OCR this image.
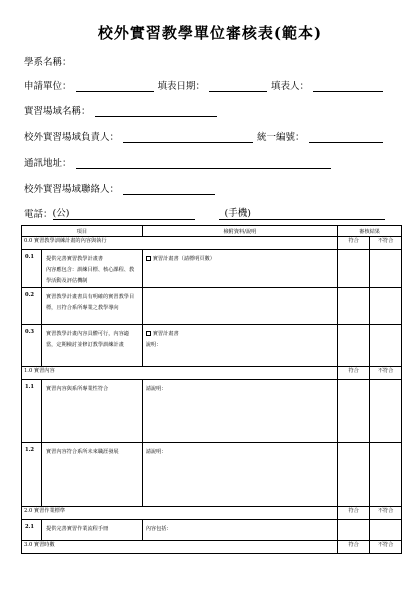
校外實習教學單位審核表(範本)
學系名稱：
申請單位：	填表日期：	填表人：
實習場域名稱：
校外實習場域負責人：	統一編號：
通訊地址：
校外實習場域聯絡人：
電話： (公)	(手機)
項目		檢附資料/說明	審核結果	
0.0 實習教學訓練計畫的內容與執行			符合	不符合
0.1	提供完善實習教學計畫書
內容應包含：訓練目標、核心課程、教學活動及評估機制	實習計畫書（請標明頁數）		
0.2	實習教學計畫書具有明確的實習教學目標，且符合系所專業之教學導向			
0.3	實習教學計畫內容具體可行，內容適當，定期檢討並修訂教學訓練計畫	實習計畫書
說明：		
1.0 實習內容			符合	不符合
1.1	實習內容與系所專業性符合	請說明：		
1.2	實習內容符合系所未來職涯發展	請說明：		
2.0 實習作業標準			符合	不符合
2.1	提供完善實習作業流程手冊	內容包括：		
3.0 實習時數			符合	不符合
